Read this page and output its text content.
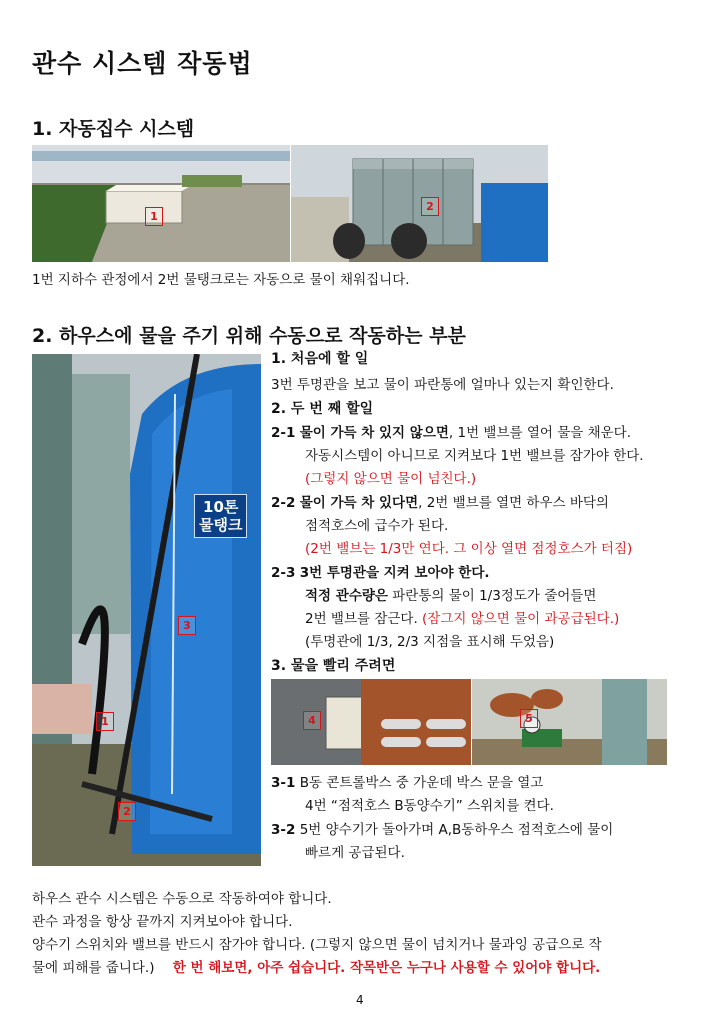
관수 시스템 작동법
1. 자동집수 시스템
1
2
1번 지하수 관정에서 2번 물탱크로는 자동으로 물이 채워집니다.
2. 하우스에 물을 주기 위해 수동으로 작동하는 부분
1
2
3
10톤
물탱크
1. 처음에 할 일
3번 투명관을 보고 물이 파란통에 얼마나 있는지 확인한다.
2. 두 번 째 할일
2-1 물이 가득 차 있지 않으면, 1번 밸브를 열어 물을 채운다.
자동시스템이 아니므로 지켜보다 1번 밸브를 잠가야 한다.
(그렇지 않으면 물이 넘친다.)
2-2 물이 가득 차 있다면, 2번 밸브를 열면 하우스 바닥의
점적호스에 급수가 된다.
(2번 밸브는 1/3만 연다. 그 이상 열면 점정호스가 터짐)
2-3 3번 투명관을 지켜 보아야 한다.
적정 관수량은 파란통의 물이 1/3정도가 줄어들면
2번 밸브를 잠근다. (잠그지 않으면 물이 과공급된다.)
(투명관에 1/3, 2/3 지점을 표시해 두었음)
3. 물을 빨리 주려면
4	5
3-1 B동 콘트롤박스 중 가운데 박스 문을 열고
4번 “점적호스 B동양수기” 스위치를 켠다.
3-2 5번 양수기가 돌아가며 A,B동하우스 점적호스에 물이
빠르게 공급된다.
하우스 관수 시스템은 수동으로 작동하여야 합니다.
관수 과정을 항상 끝까지 지켜보아야 합니다.
양수기 스위치와 밸브를 반드시 잠가야 합니다. (그렇지 않으면 물이 넘치거나 물과잉 공급으로 작
물에 피해를 줍니다.) 한 번 해보면, 아주 쉽습니다. 작목반은 누구나 사용할 수 있어야 합니다.
4
